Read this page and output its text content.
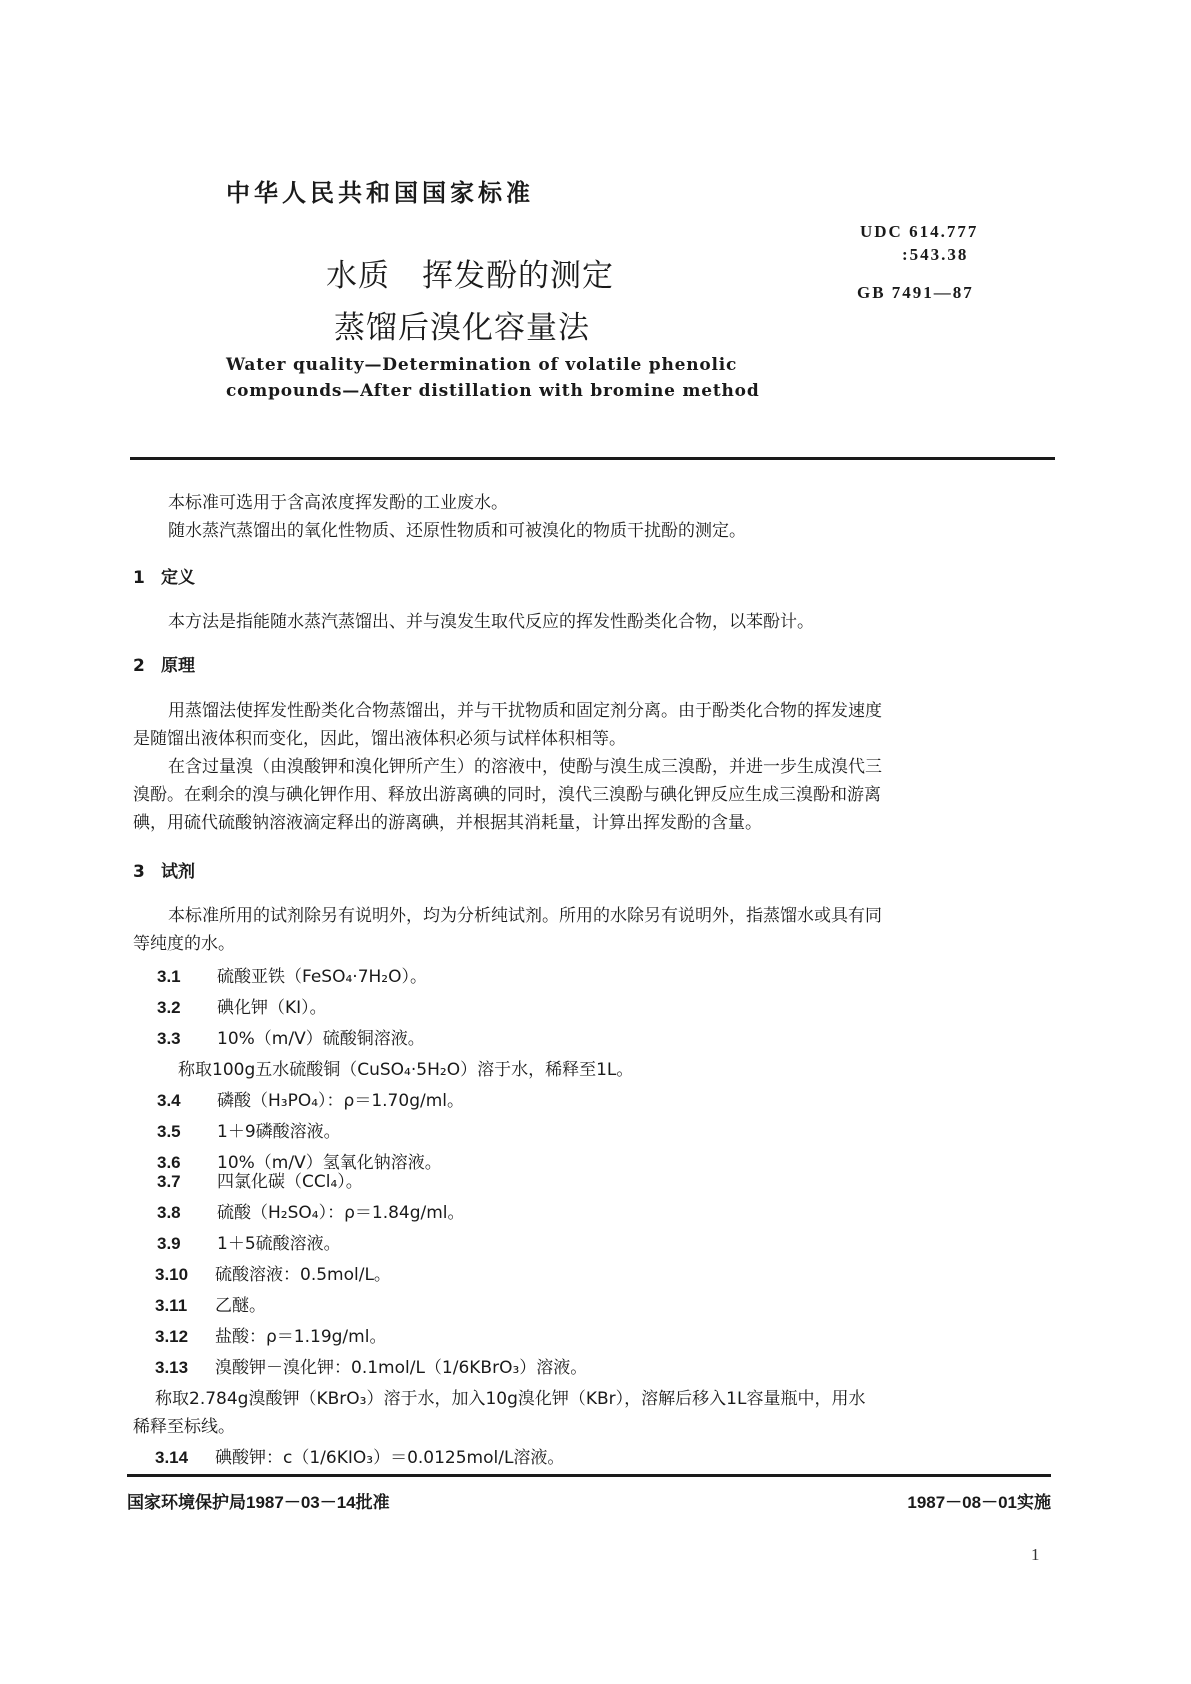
中华人民共和国国家标准
水质　挥发酚的测定
蒸馏后溴化容量法
Water quality—Determination of volatile phenolic
compounds—After distillation with bromine method
UDC 614.777
:543.38
GB 7491—87
本标准可选用于含高浓度挥发酚的工业废水。
随水蒸汽蒸馏出的氧化性物质、还原性物质和可被溴化的物质干扰酚的测定。
1 定义
本方法是指能随水蒸汽蒸馏出、并与溴发生取代反应的挥发性酚类化合物，以苯酚计。
2 原理
用蒸馏法使挥发性酚类化合物蒸馏出，并与干扰物质和固定剂分离。由于酚类化合物的挥发速度
是随馏出液体积而变化，因此，馏出液体积必须与试样体积相等。
在含过量溴（由溴酸钾和溴化钾所产生）的溶液中，使酚与溴生成三溴酚，并进一步生成溴代三
溴酚。在剩余的溴与碘化钾作用、释放出游离碘的同时，溴代三溴酚与碘化钾反应生成三溴酚和游离
碘，用硫代硫酸钠溶液滴定释出的游离碘，并根据其消耗量，计算出挥发酚的含量。
3 试剂
本标准所用的试剂除另有说明外，均为分析纯试剂。所用的水除另有说明外，指蒸馏水或具有同
等纯度的水。
3.1 硫酸亚铁（FeSO₄·7H₂O）。
3.2 碘化钾（KI）。
3.3 10%（m/V）硫酸铜溶液。
称取100g五水硫酸铜（CuSO₄·5H₂O）溶于水，稀释至1L。
3.4 磷酸（H₃PO₄）：ρ＝1.70g/ml。
3.5 1＋9磷酸溶液。
3.6 10%（m/V）氢氧化钠溶液。
3.7 四氯化碳（CCl₄）。
3.8 硫酸（H₂SO₄）：ρ＝1.84g/ml。
3.9 1＋5硫酸溶液。
3.10 硫酸溶液：0.5mol/L。
3.11 乙醚。
3.12 盐酸：ρ＝1.19g/ml。
3.13 溴酸钾－溴化钾：0.1mol/L（1/6KBrO₃）溶液。
称取2.784g溴酸钾（KBrO₃）溶于水，加入10g溴化钾（KBr），溶解后移入1L容量瓶中，用水
稀释至标线。
3.14 碘酸钾：c（1/6KIO₃）＝0.0125mol/L溶液。
国家环境保护局1987－03－14批准	1987－08－01实施
1
